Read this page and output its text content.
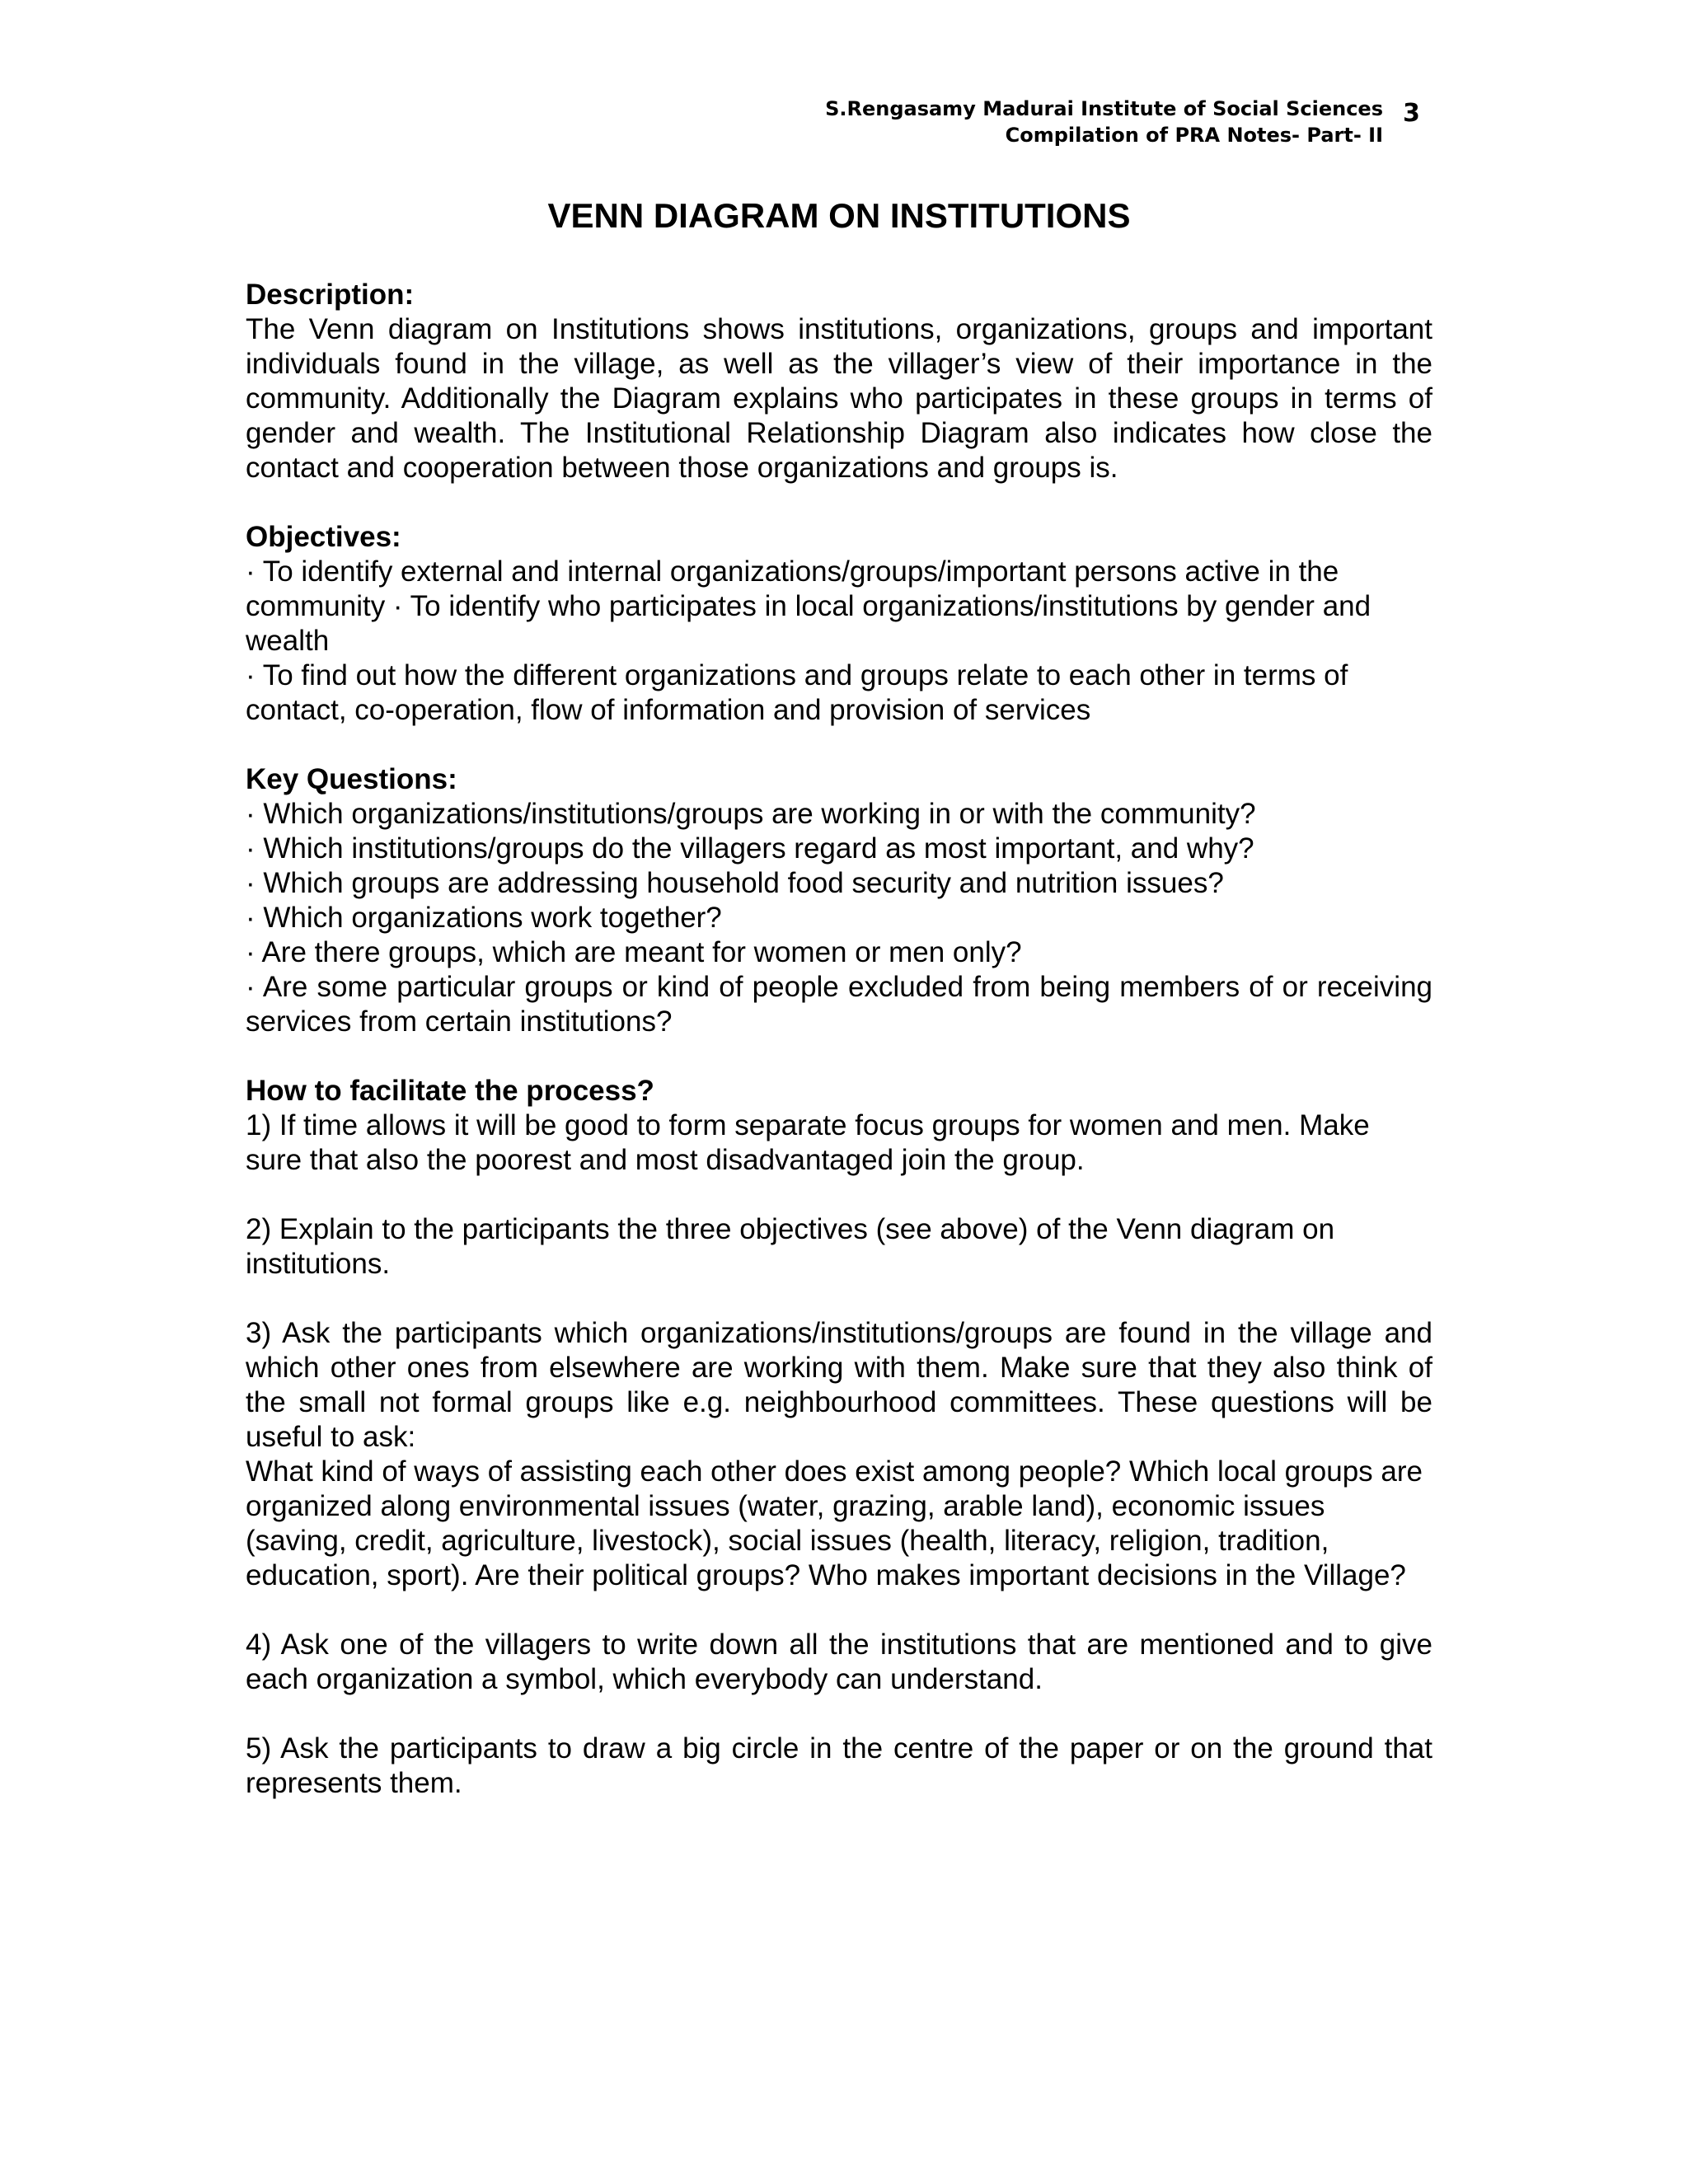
S.Rengasamy Madurai Institute of Social Sciences
Compilation of PRA Notes- Part- II
3
VENN DIAGRAM ON INSTITUTIONS

Description:

The Venn diagram on Institutions shows institutions, organizations, groups and important individuals found in the village, as well as the villager’s view of their importance in the community. Additionally the Diagram explains who participates in these groups in terms of gender and wealth. The Institutional Relationship Diagram also indicates how close the contact and cooperation between those organizations and groups is.

Objectives:

· To identify external and internal organizations/groups/important persons active in the community · To identify who participates in local organizations/institutions by gender and wealth

· To find out how the different organizations and groups relate to each other in terms of contact, co-operation, flow of information and provision of services

Key Questions:

· Which organizations/institutions/groups are working in or with the community?

· Which institutions/groups do the villagers regard as most important, and why?

· Which groups are addressing household food security and nutrition issues?

· Which organizations work together?

· Are there groups, which are meant for women or men only?

· Are some particular groups or kind of people excluded from being members of or receiving services from certain institutions?

How to facilitate the process?

1) If time allows it will be good to form separate focus groups for women and men. Make sure that also the poorest and most disadvantaged join the group.

2) Explain to the participants the three objectives (see above) of the Venn diagram on institutions.

3) Ask the participants which organizations/institutions/groups are found in the village and which other ones from elsewhere are working with them. Make sure that they also think of the small not formal groups like e.g. neighbourhood committees. These questions will be useful to ask:

What kind of ways of assisting each other does exist among people? Which local groups are organized along environmental issues (water, grazing, arable land), economic issues (saving, credit, agriculture, livestock), social issues (health, literacy, religion, tradition, education, sport). Are their political groups? Who makes important decisions in the Village?

4) Ask one of the villagers to write down all the institutions that are mentioned and to give each organization a symbol, which everybody can understand.

5) Ask the participants to draw a big circle in the centre of the paper or on the ground that represents them.
